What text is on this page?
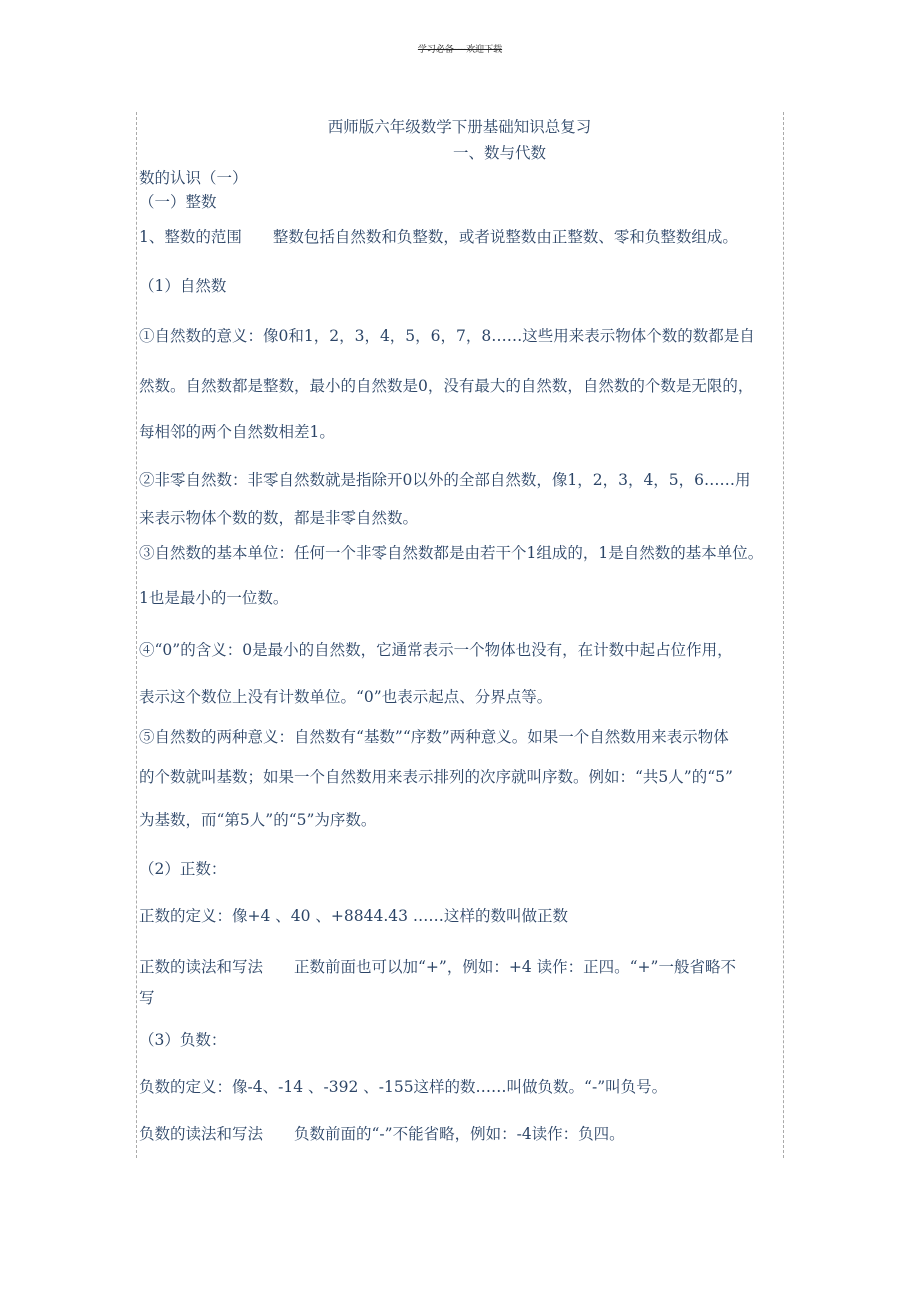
学习必备----欢迎下载
西师版六年级数学下册基础知识总复习
一、数与代数
数的认识（一）
（一）整数
1、整数的范围　　整数包括自然数和负整数，或者说整数由正整数、零和负整数组成。
（1）自然数
①自然数的意义：像0和1，2，3，4，5，6，7，8……这些用来表示物体个数的数都是自
然数。自然数都是整数，最小的自然数是0，没有最大的自然数，自然数的个数是无限的，
每相邻的两个自然数相差1。
②非零自然数：非零自然数就是指除开0以外的全部自然数，像1，2，3，4，5，6……用
来表示物体个数的数，都是非零自然数。
③自然数的基本单位：任何一个非零自然数都是由若干个1组成的，1是自然数的基本单位。
1也是最小的一位数。
④“0”的含义：0是最小的自然数，它通常表示一个物体也没有，在计数中起占位作用，
表示这个数位上没有计数单位。“0”也表示起点、分界点等。
⑤自然数的两种意义：自然数有“基数”“序数”两种意义。如果一个自然数用来表示物体
的个数就叫基数；如果一个自然数用来表示排列的次序就叫序数。例如：“共5人”的“5”
为基数，而“第5人”的“5”为序数。
（2）正数：
正数的定义：像+4 、40 、+8844.43 ……这样的数叫做正数
正数的读法和写法　　正数前面也可以加“+”，例如：+4 读作：正四。“+”一般省略不
写
（3）负数：
负数的定义：像-4、-14 、-392 、-155这样的数……叫做负数。“-”叫负号。
负数的读法和写法　　负数前面的“-”不能省略，例如：-4读作：负四。
